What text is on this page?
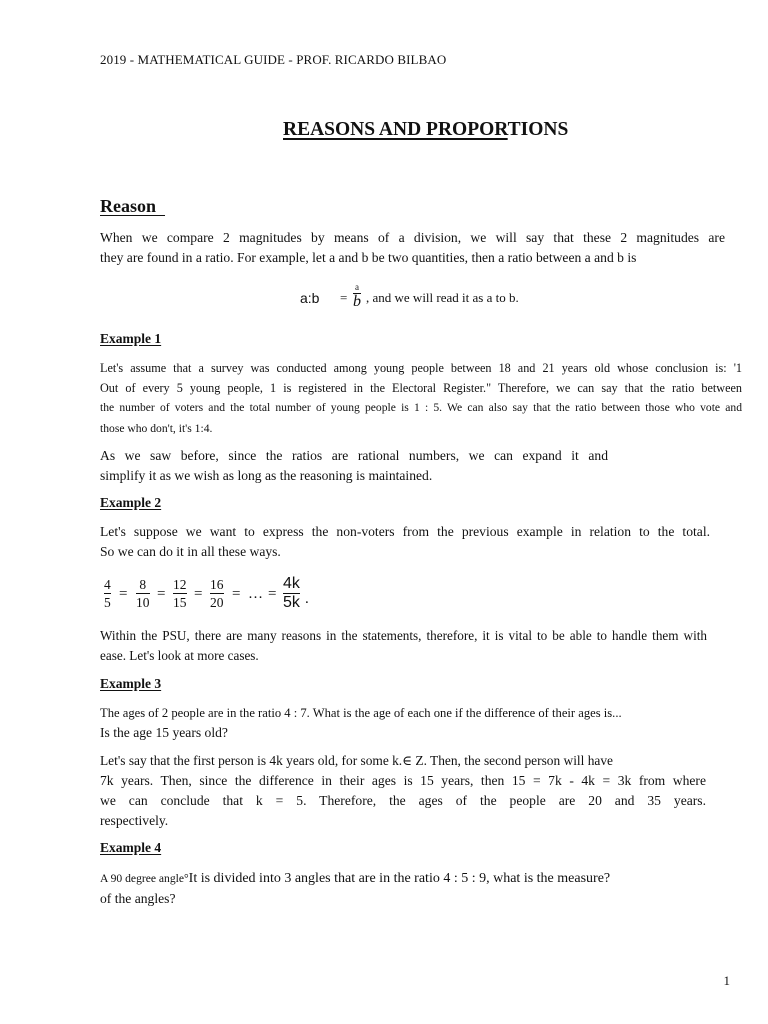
2019 - MATHEMATICAL GUIDE - PROF. RICARDO BILBAO
REASONS AND PROPORTIONS
Reason
When we compare 2 magnitudes by means of a division, we will say that these 2 magnitudes are
they are found in a ratio. For example, let a and b be two quantities, then a ratio between a and b is
a:b =
a
b , and we will read it as a to b.
Example 1
Let's assume that a survey was conducted among young people between 18 and 21 years old whose conclusion is: '1
Out of every 5 young people, 1 is registered in the Electoral Register." Therefore, we can say that the ratio between
the number of voters and the total number of young people is 1 : 5. We can also say that the ratio between those who vote and
those who don't, it's 1:4.
As we saw before, since the ratios are rational numbers, we can expand it and
simplify it as we wish as long as the reasoning is maintained.
Example 2
Let's suppose we want to express the non-voters from the previous example in relation to the total.
So we can do it in all these ways.
4
5
=
8
10
=
12
15
=
16
20
= … =
4k
5k .
Within the PSU, there are many reasons in the statements, therefore, it is vital to be able to handle them with
ease. Let's look at more cases.
Example 3
The ages of 2 people are in the ratio 4 : 7. What is the age of each one if the difference of their ages is...
Is the age 15 years old?
Let's say that the first person is 4k years old, for some k.∈ Z. Then, the second person will have

7k years. Then, since the difference in their ages is 15 years, then 15 = 7k - 4k = 3k from where
we can conclude that k = 5. Therefore, the ages of the people are 20 and 35 years.
respectively.
Example 4
A 90 degree angle°It is divided into 3 angles that are in the ratio 4 : 5 : 9, what is the measure?
of the angles?
1
